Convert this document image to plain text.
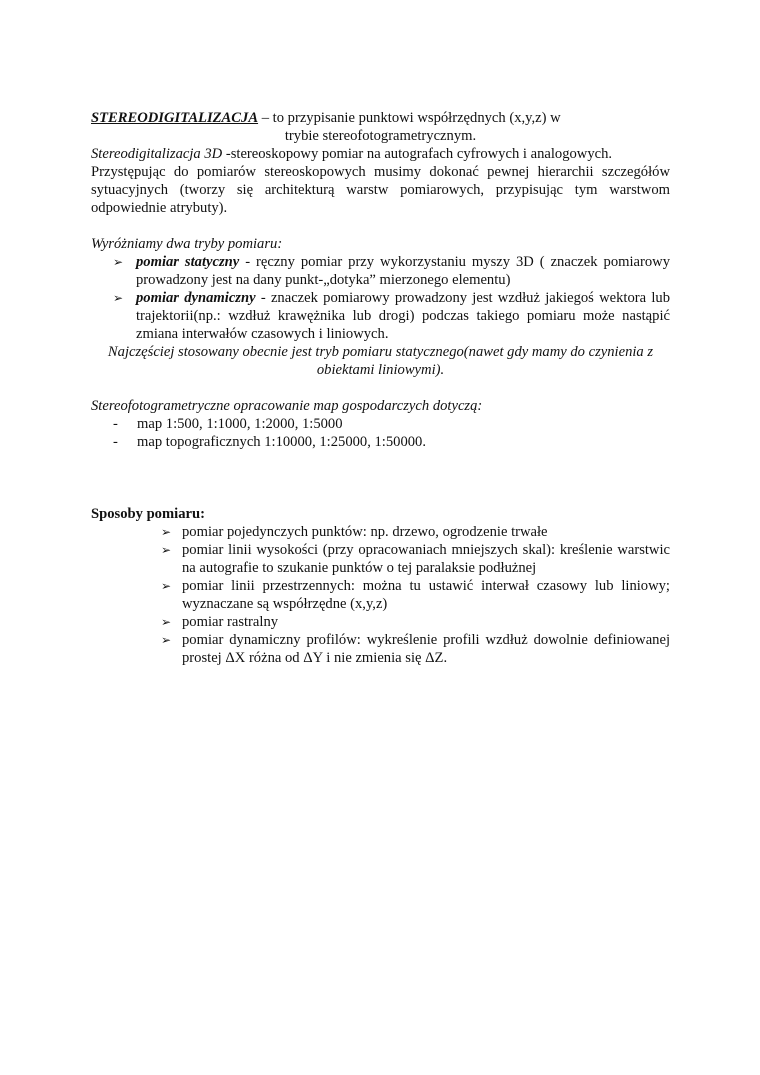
STEREODIGITALIZACJA – to przypisanie punktowi współrzędnych (x,y,z) w

trybie stereofotogrametrycznym.

Stereodigitalizacja 3D -stereoskopowy pomiar na autografach cyfrowych i analogowych.

Przystępując do pomiarów stereoskopowych musimy dokonać pewnej hierarchii szczegółów sytuacyjnych (tworzy się architekturą warstw pomiarowych, przypisując tym warstwom odpowiednie atrybuty).

Wyróżniamy dwa tryby pomiaru:

➢ pomiar statyczny - ręczny pomiar przy wykorzystaniu myszy 3D ( znaczek pomiarowy prowadzony jest na dany punkt-„dotyka” mierzonego elementu)
➢ pomiar dynamiczny - znaczek pomiarowy prowadzony jest wzdłuż jakiegoś wektora lub trajektorii(np.: wzdłuż krawężnika lub drogi) podczas takiego pomiaru może nastąpić zmiana interwałów czasowych i liniowych.

Najczęściej stosowany obecnie jest tryb pomiaru statycznego(nawet gdy mamy do czynienia z obiektami liniowymi).

Stereofotogrametryczne opracowanie map gospodarczych dotyczą:

- map 1:500, 1:1000, 1:2000, 1:5000
- map topograficznych 1:10000, 1:25000, 1:50000.

Sposoby pomiaru:

➢ pomiar pojedynczych punktów: np. drzewo, ogrodzenie trwałe
➢ pomiar linii wysokości (przy opracowaniach mniejszych skal): kreślenie warstwic na autografie to szukanie punktów o tej paralaksie podłużnej
➢ pomiar linii przestrzennych: można tu ustawić interwał czasowy lub liniowy; wyznaczane są współrzędne (x,y,z)
➢ pomiar rastralny
➢ pomiar dynamiczny profilów: wykreślenie profili wzdłuż dowolnie definiowanej prostej ΔX różna od ΔY i nie zmienia się ΔZ.
